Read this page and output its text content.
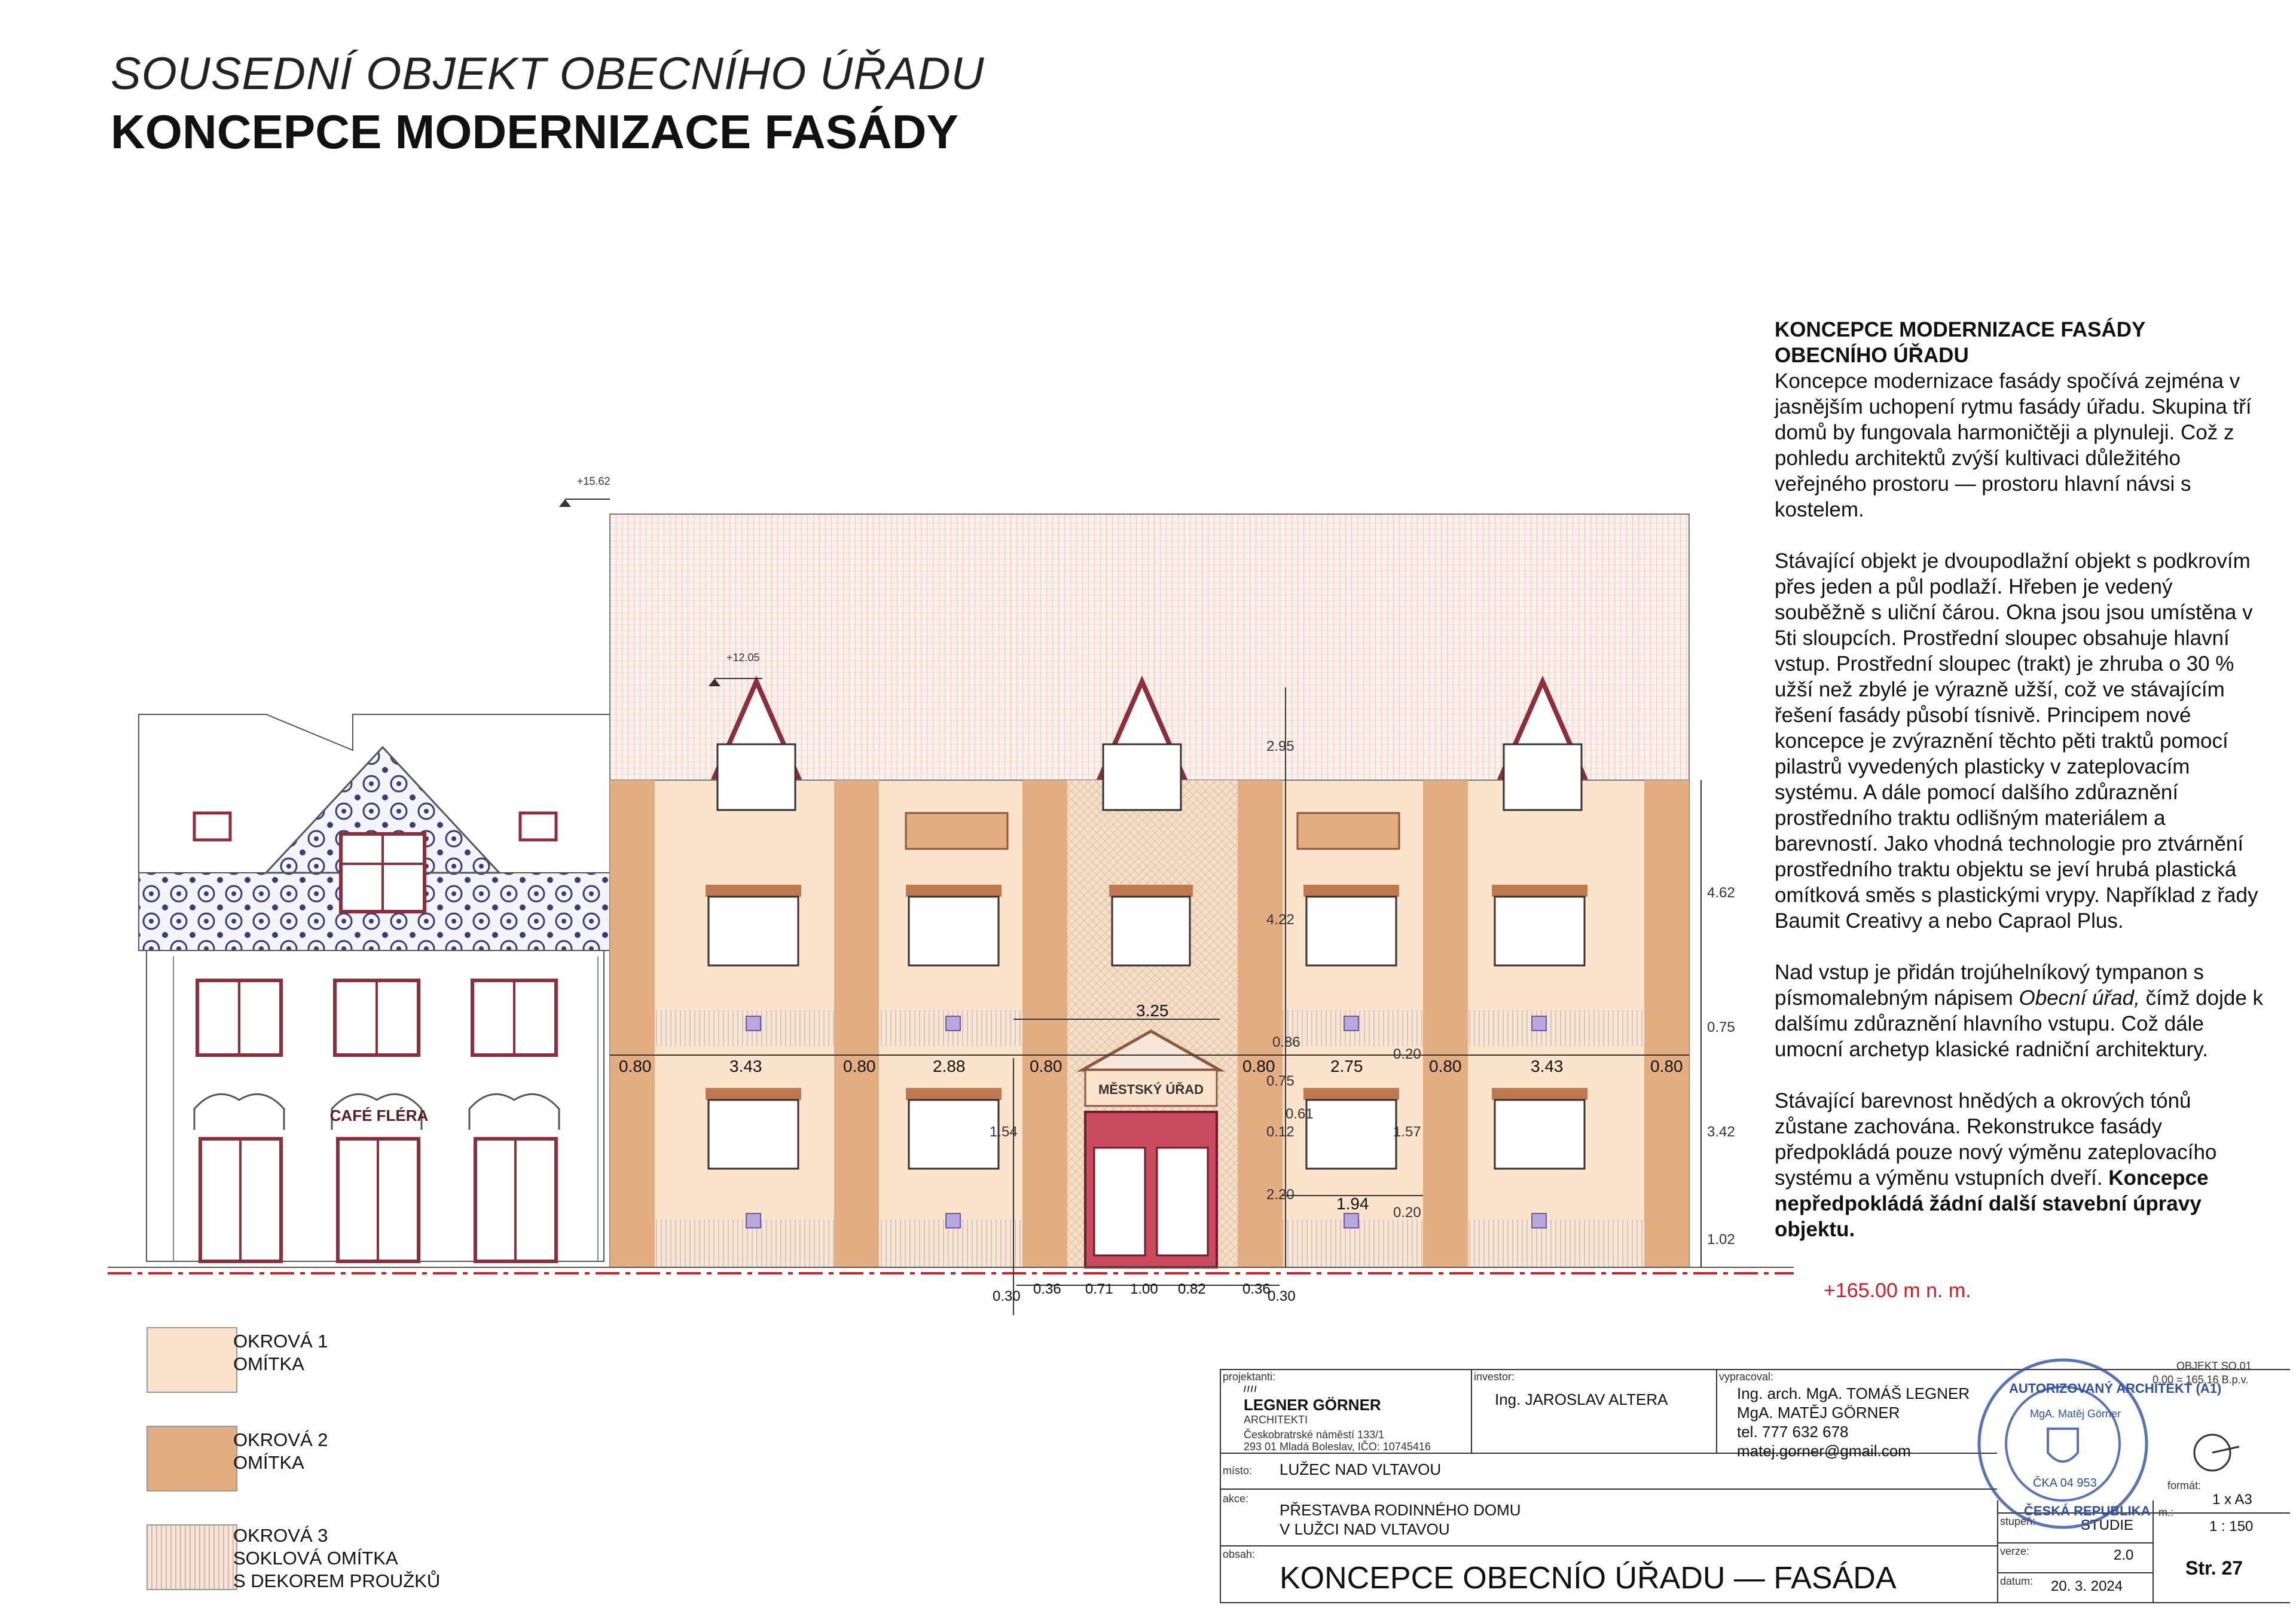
SOUSEDNÍ OBJEKT OBECNÍHO ÚŘADU
KONCEPCE MODERNIZACE FASÁDY
CAFÉ FLÉRA
MĚSTSKÝ ÚŘAD
+15.62
+12.05
+165.00 m n. m.
0.80	3.43	0.80	2.88	0.80
3.25
0.80	2.75	0.80	3.43	0.80
0.86
1.94
1.54
0.30 0.36 0.71 1.00 0.82	0.36
0.30
2.95
4.22
0.75
0.61
0.12
2.20
0.20
1.57
0.20
4.62
0.75
3.42
1.02
KONCEPCE MODERNIZACE FASÁDY
OBECNÍHO ÚŘADU

Koncepce modernizace fasády spočívá zejména v jasnějším uchopení rytmu fasády úřadu. Skupina tří domů by fungovala harmoničtěji a plynuleji. Což z pohledu architektů zvýší kultivaci důležitého veřejného prostoru — prostoru hlavní návsi s kostelem.

Stávající objekt je dvoupodlažní objekt s podkrovím přes jeden a půl podlaží. Hřeben je vedený souběžně s uliční čárou. Okna jsou jsou umístěna v 5ti sloupcích. Prostřední sloupec obsahuje hlavní vstup. Prostřední sloupec (trakt) je zhruba o 30 % užší než zbylé je výrazně užší, což ve stávajícím řešení fasády působí tísnivě. Principem nové koncepce je zvýraznění těchto pěti traktů pomocí pilastrů vyvedených plasticky v zateplovacím systému. A dále pomocí dalšího zdůraznění prostředního traktu odlišným materiálem a barevností. Jako vhodná technologie pro ztvárnění prostředního traktu objektu se jeví hrubá plastická omítková směs s plastickými vrypy. Například z řady Baumit Creativy a nebo Capraol Plus.

Nad vstup je přidán trojúhelníkový tympanon s písmomalebným nápisem Obecní úřad, čímž dojde k dalšímu zdůraznění hlavního vstupu. Což dále umocní archetyp klasické radniční architektury.

Stávající barevnost hnědých a okrových tónů zůstane zachována. Rekonstrukce fasády předpokládá pouze nový výměnu zateplovacího systému a výměnu vstupních dveří. Koncepce nepředpokládá žádní další stavební úpravy objektu.

OKROVÁ 1
OMÍTKA
OKROVÁ 2
OMÍTKA
OKROVÁ 3
SOKLOVÁ OMÍTKA
S DEKOREM PROUŽKŮ
projektanti:
////
LEGNER GÖRNER
ARCHITEKTI
Českobratrské náměstí 133/1
293 01 Mladá Boleslav, IČO: 10745416
investor:
Ing. JAROSLAV ALTERA
vypracoval:
Ing. arch. MgA. TOMÁŠ LEGNER
MgA. MATĚJ GÖRNER
tel. 777 632 678
matej.gorner@gmail.com
místo: LUŽEC NAD VLTAVOU
akce:
PŘESTAVBA RODINNÉHO DOMU
V LUŽCI NAD VLTAVOU
obsah:
KONCEPCE OBECNÍO ÚŘADU — FASÁDA
stupeň:	STUDIE
verze:	2.0
datum: 20. 3. 2024
formát:
1 x A3
m.:
1 : 150
Str. 27
OBJEKT SO.01
0.00 = 165.16 B.p.v.
AUTORIZOVANÝ ARCHITEKT (A1)
ČESKÁ REPUBLIKA
MgA. Matěj Görner
ČKA 04 953
